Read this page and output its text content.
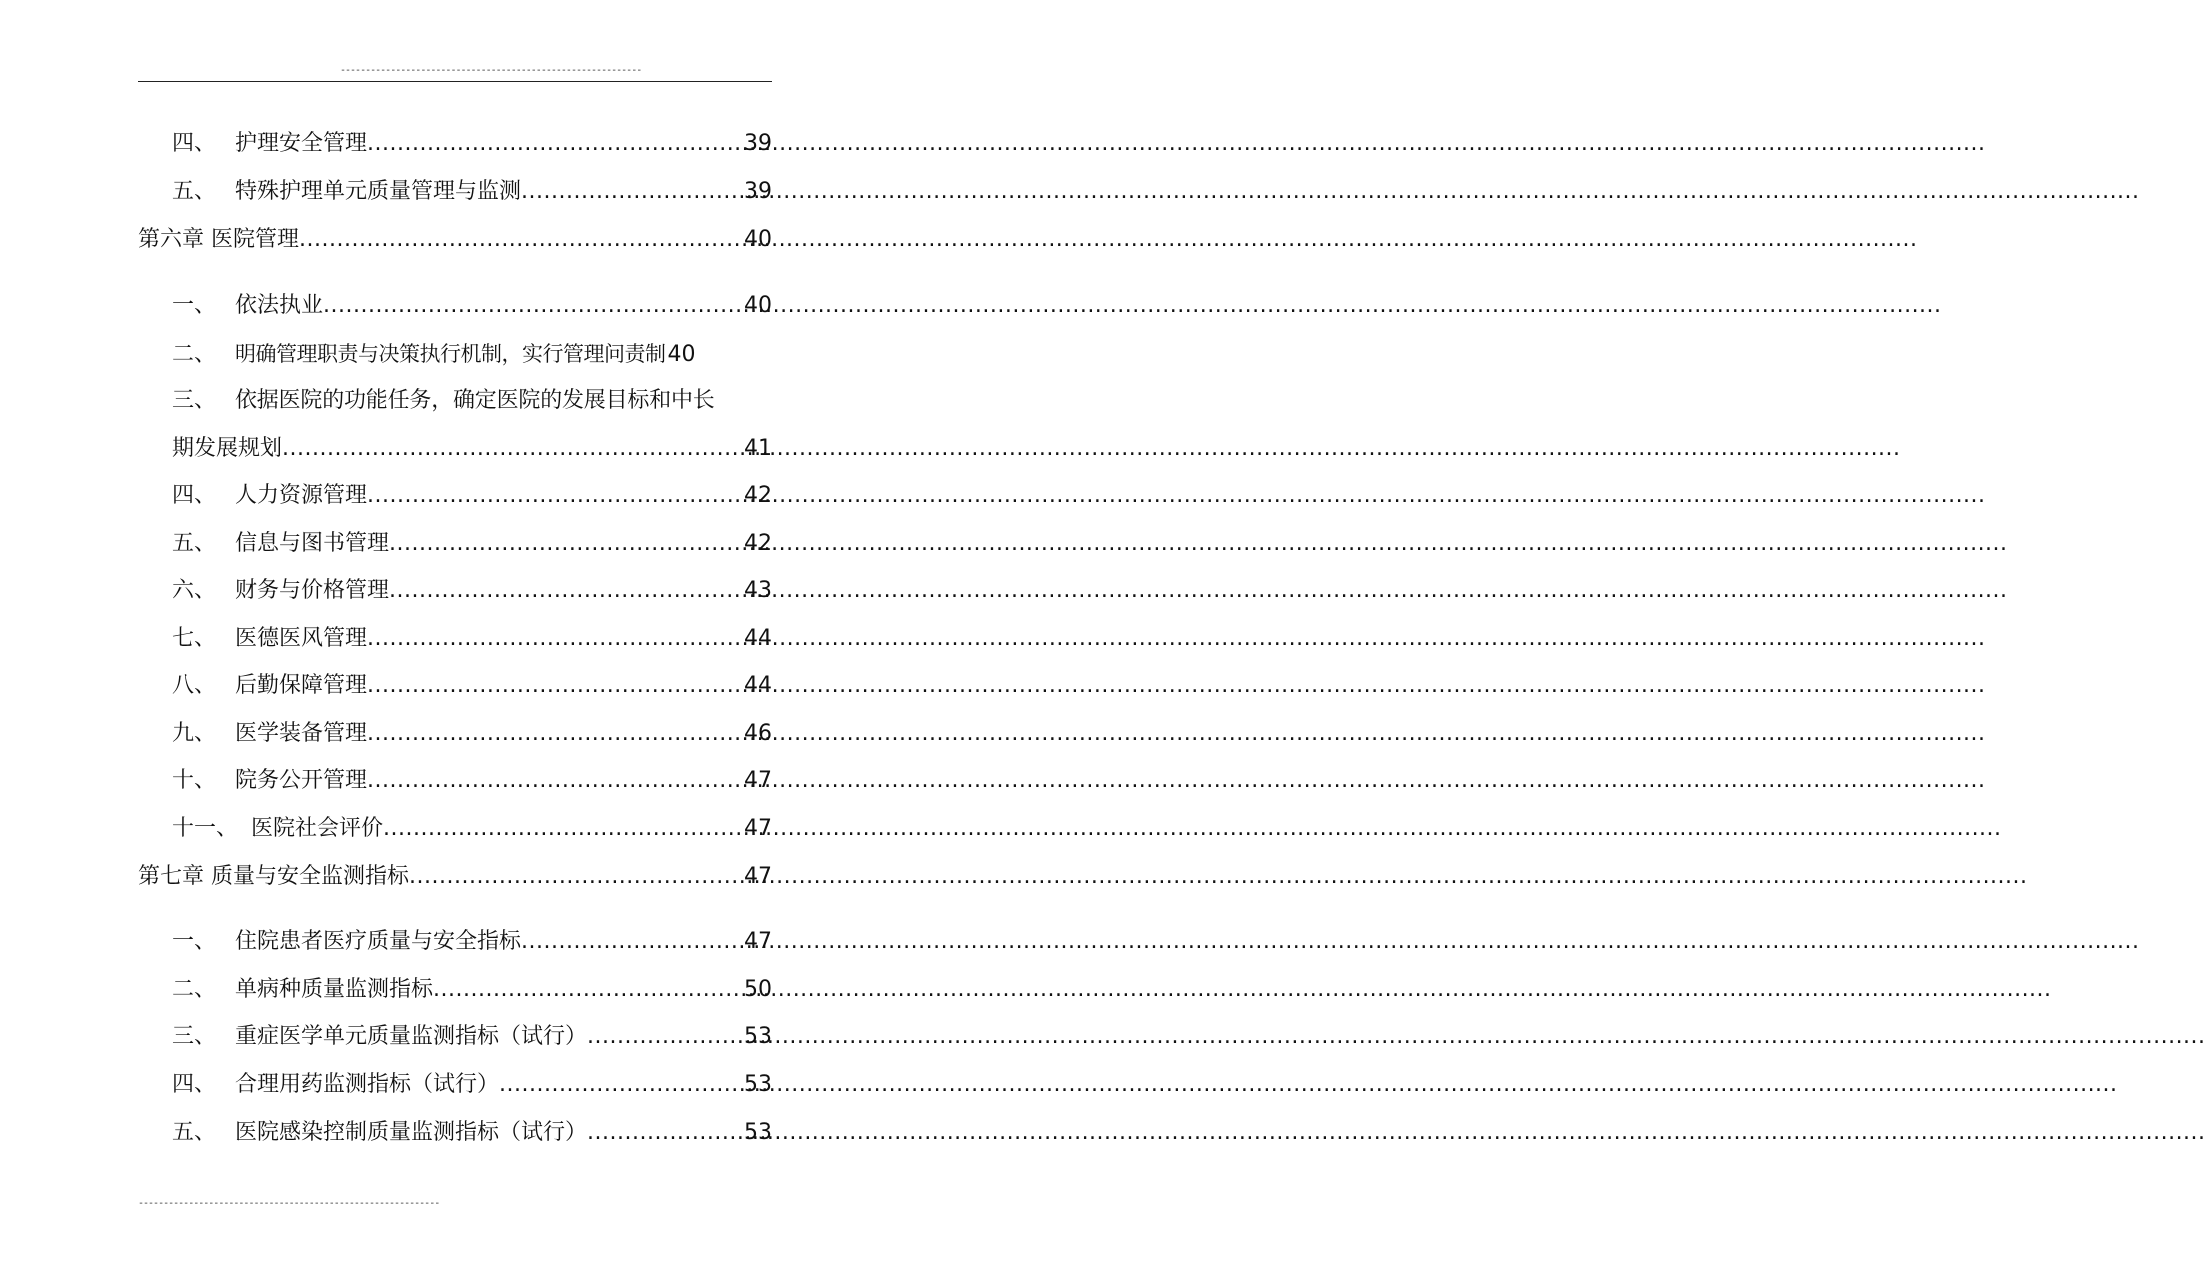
------------------------------------------------------------
四、 护理安全管理 .....	39
五、 特殊护理单元质量管理与监测 .....	39
第六章 医院管理 .....	40
一、 依法执业 .....	40
二、 明确管理职责与决策执行机制，实行管理问责制 40
三、 依据医院的功能任务，确定医院的发展目标和中长
期发展规划 .....	41
四、 人力资源管理 .....	42
五、 信息与图书管理 .....	42
六、 财务与价格管理 .....	43
七、 医德医风管理 .....	44
八、 后勤保障管理 .....	44
九、 医学装备管理 .....	46
十、 院务公开管理 .....	47
十一、 医院社会评价 .....	47
第七章 质量与安全监测指标 .....	47
一、 住院患者医疗质量与安全指标 .....	47
二、 单病种质量监测指标 .....	50
三、 重症医学单元质量监测指标（试行） .....	53
四、 合理用药监测指标（试行） .....	53
五、 医院感染控制质量监测指标（试行） .....	53
------------------------------------------------------------
